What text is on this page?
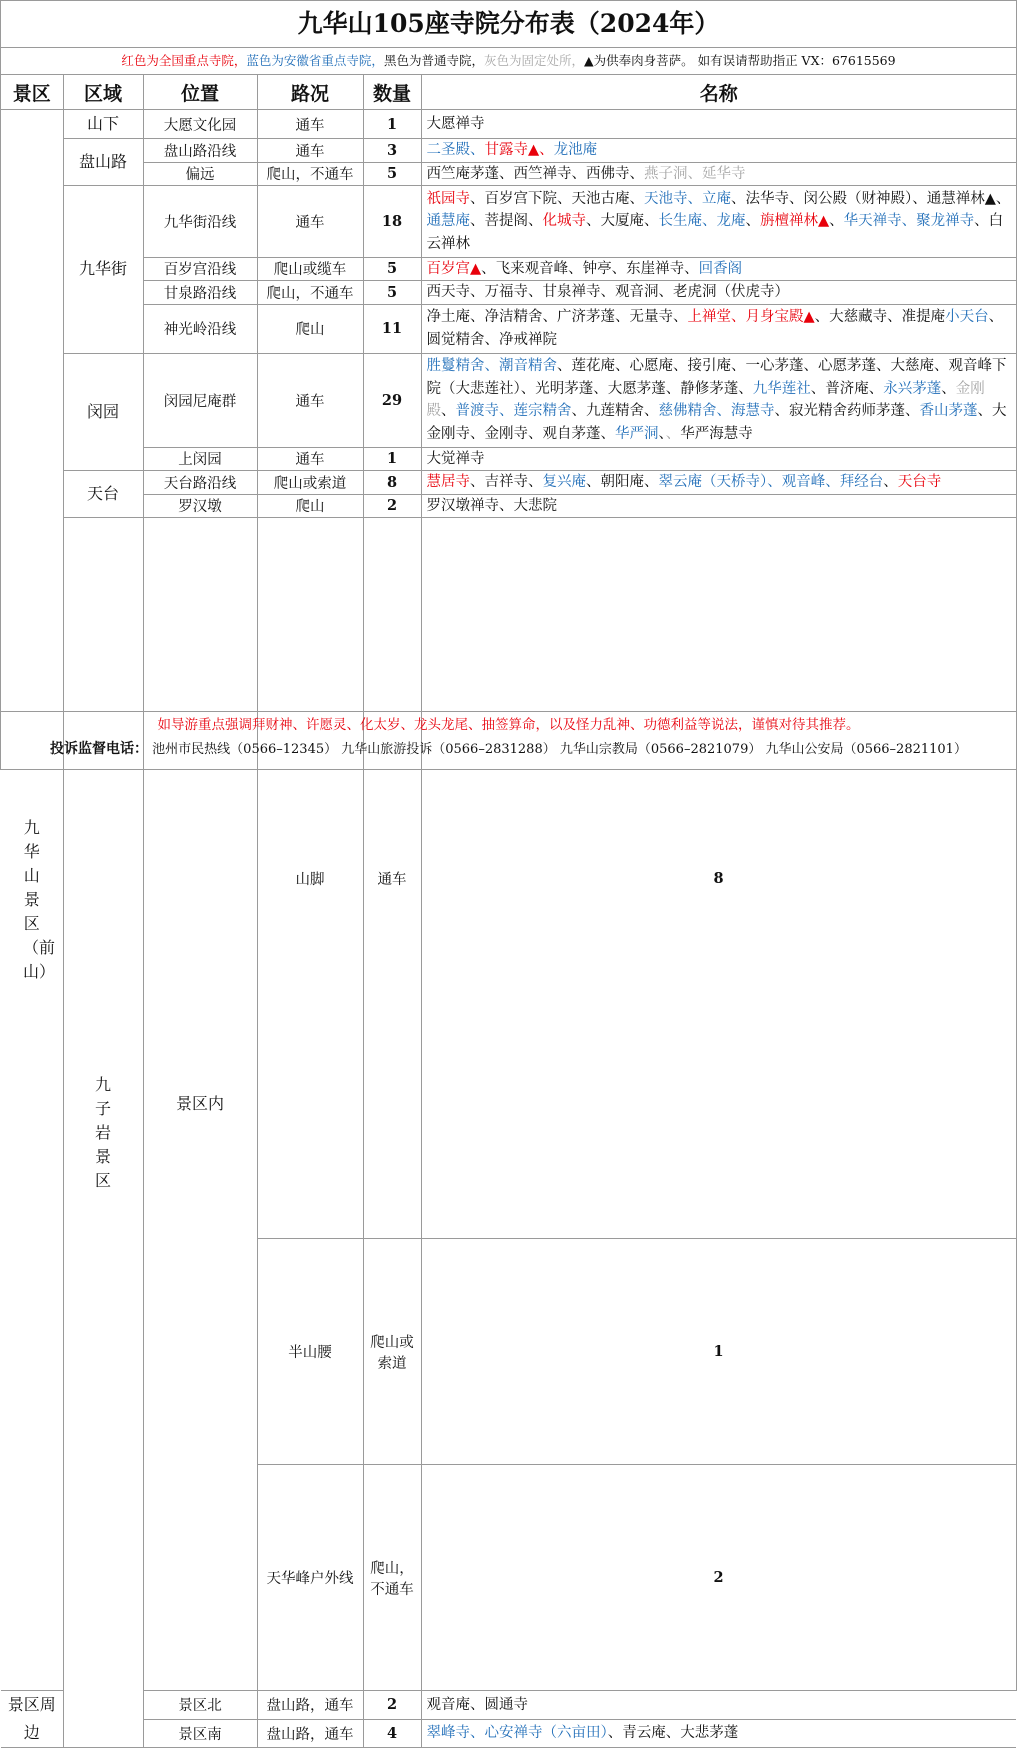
九华山105座寺院分布表（2024年）
红色为全国重点寺院，蓝色为安徽省重点寺院，黑色为普通寺院，灰色为固定处所，▲为供奉肉身菩萨。 如有误请帮助指正 VX：67615569
景区	区域	位置	路况	数量	名称	

九华山景区（前山）	山下	大愿文化园	通车	1	大愿禅寺	
	盘山路	盘山路沿线	通车	3	二圣殿、甘露寺▲、龙池庵	
		偏远	爬山，不通车	5	西竺庵茅蓬、西竺禅寺、西佛寺、燕子洞、延华寺	
	九华街	九华街沿线	通车	18	祇园寺、百岁宫下院、天池古庵、天池寺、立庵、法华寺、闵公殿（财神殿）、通慧禅林▲、通慧庵、菩提阁、化城寺、大厦庵、长生庵、龙庵、旃檀禅林▲、华天禅寺、聚龙禅寺、白云禅林	
		百岁宫沿线	爬山或缆车	5	百岁宫▲、飞来观音峰、钟亭、东崖禅寺、回香阁	
		甘泉路沿线	爬山，不通车	5	西天寺、万福寺、甘泉禅寺、观音洞、老虎洞（伏虎寺）	
		神光岭沿线	爬山	11	净土庵、净洁精舍、广济茅蓬、无量寺、上禅堂、月身宝殿▲、大慈藏寺、准提庵小天台、圆觉精舍、净戒禅院	
	闵园	闵园尼庵群	通车	29	胜鬘精舍、潮音精舍、莲花庵、心愿庵、接引庵、一心茅蓬、心愿茅蓬、大慈庵、观音峰下院（大悲莲社）、光明茅蓬、大愿茅蓬、静修茅蓬、九华莲社、普济庵、永兴茅蓬、金刚殿、普渡寺、莲宗精舍、九莲精舍、慈佛精舍、海慧寺、寂光精舍药师茅蓬、香山茅蓬、大金刚寺、金刚寺、观自茅蓬、华严洞、、华严海慧寺	
		上闵园	通车	1	大觉禅寺	
	天台	天台路沿线	爬山或索道	8	慧居寺、吉祥寺、复兴庵、朝阳庵、翠云庵（天桥寺）、观音峰、拜经台、天台寺	
		罗汉墩	爬山	2	罗汉墩禅寺、大悲院	

	九子岩景区	景区内	山脚	通车	8	
			半山腰	爬山或索道	1	
			天华峰户外线	爬山，不通车	2	
景区周边		景区北	盘山路，通车	2	观音庵、圆通寺	
		景区南	盘山路，通车	4	翠峰寺、心安禅寺（六亩田）、青云庵、大悲茅蓬	
如导游重点强调拜财神、许愿灵、化太岁、龙头龙尾、抽签算命，以及怪力乱神、功德利益等说法，谨慎对待其推荐。
投诉监督电话： 池州市民热线（0566–12345） 九华山旅游投诉（0566–2831288） 九华山宗教局（0566–2821079） 九华山公安局（0566–2821101）
